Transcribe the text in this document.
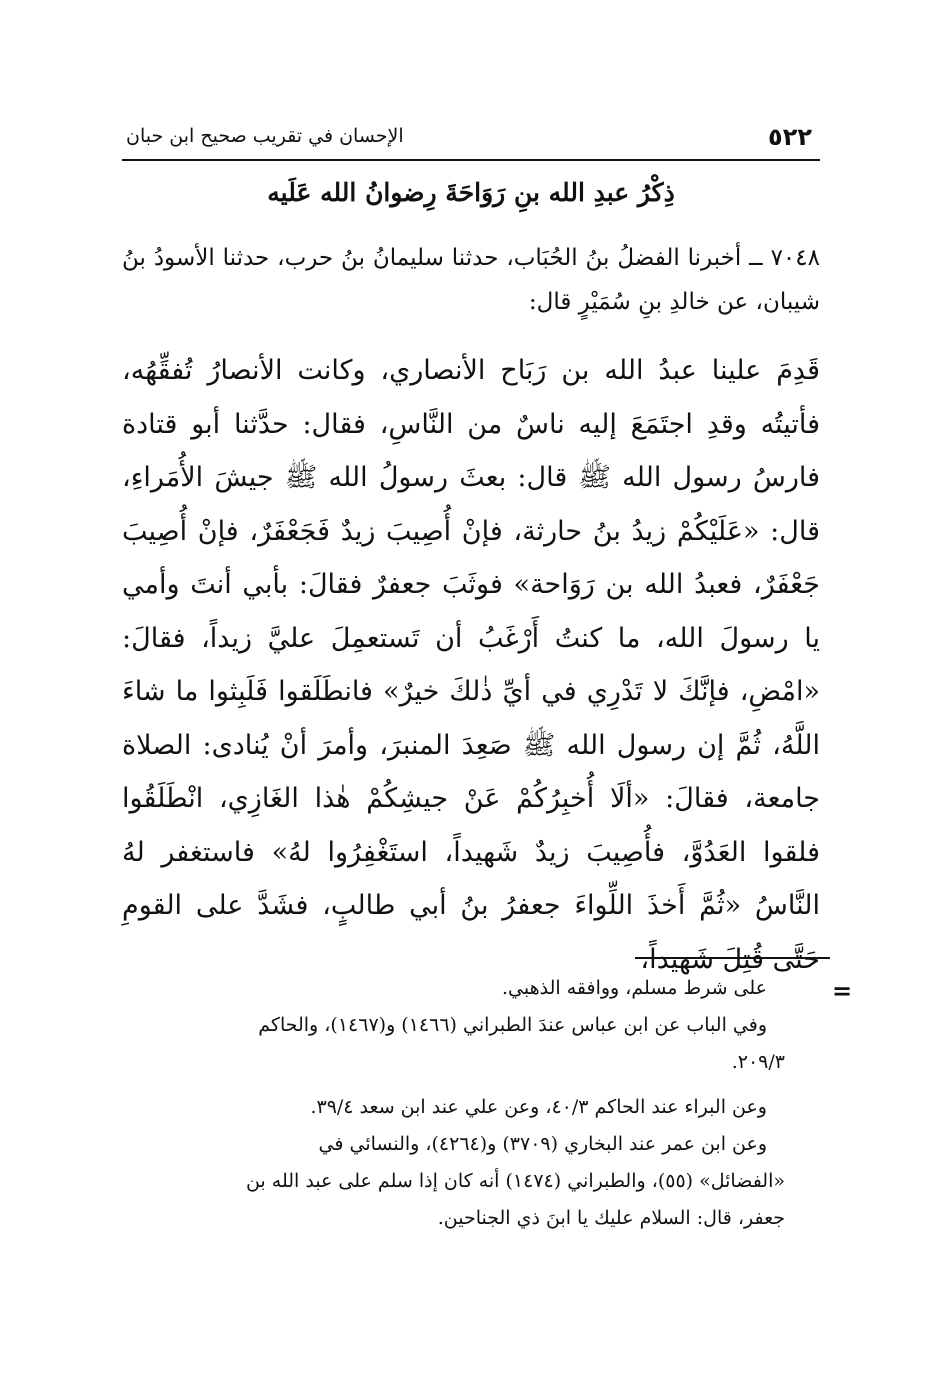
٥٢٢
الإحسان في تقريب صحيح ابن حبان
ذِكْرُ عبدِ الله بنِ رَوَاحَةَ رِضوانُ الله عَلَيه
٧٠٤٨ ــ أخبرنا الفضلُ بنُ الحُبَاب، حدثنا سليمانُ بنُ حرب، حدثنا الأسودُ بنُ شيبان، عن خالدِ بنِ سُمَيْرٍ قال:
قَدِمَ علينا عبدُ الله بن رَبَاح الأنصاري، وكانت الأنصارُ تُفقِّهُه، فأتيتُه وقدِ اجتَمَعَ إليه ناسٌ من النَّاسِ، فقال: حدَّثنا أبو قتادة فارسُ رسول الله ﷺ قال: بعثَ رسولُ الله ﷺ جيشَ الأُمَراءِ، قال: «عَلَيْكُمْ زيدُ بنُ حارثة، فإنْ أُصِيبَ زيدٌ فَجَعْفَرٌ، فإنْ أُصِيبَ جَعْفَرٌ، فعبدُ الله بن رَوَاحة» فوثَبَ جعفرٌ فقالَ: بأبي أنتَ وأمي يا رسولَ الله، ما كنتُ أَرْغَبُ أن تَستعمِلَ عليَّ زيداً، فقالَ: «امْضِ، فإنَّكَ لا تَدْرِي في أيِّ ذٰلكَ خيرٌ» فانطَلَقوا فَلَبِثوا ما شاءَ اللَّهُ، ثُمَّ إن رسول الله ﷺ صَعِدَ المنبرَ، وأمرَ أنْ يُنادى: الصلاة جامعة، فقالَ: «ألَا أُخبِرُكُمْ عَنْ جيشِكُمْ هٰذا الغَازِي، انْطَلَقُوا فلقوا العَدُوَّ، فأُصِيبَ زيدٌ شَهيداً، استَغْفِرُوا لهُ» فاستغفر لهُ النَّاسُ «ثُمَّ أَخذَ اللِّواءَ جعفرُ بنُ أبي طالبٍ، فشَدَّ على القومِ حَتَّى قُتِلَ شَهيداً،
=
على شرط مسلم، ووافقه الذهبي.
وفي الباب عن ابن عباس عندَ الطبراني (١٤٦٦) و(١٤٦٧)، والحاكم
٢٠٩/٣.
وعن البراء عند الحاكم ٤٠/٣، وعن علي عند ابن سعد ٣٩/٤.
وعن ابن عمر عند البخاري (٣٧٠٩) و(٤٢٦٤)، والنسائي في
«الفضائل» (٥٥)، والطبراني (١٤٧٤) أنه كان إذا سلم على عبد الله بن
جعفر، قال: السلام عليك يا ابنَ ذي الجناحين.
